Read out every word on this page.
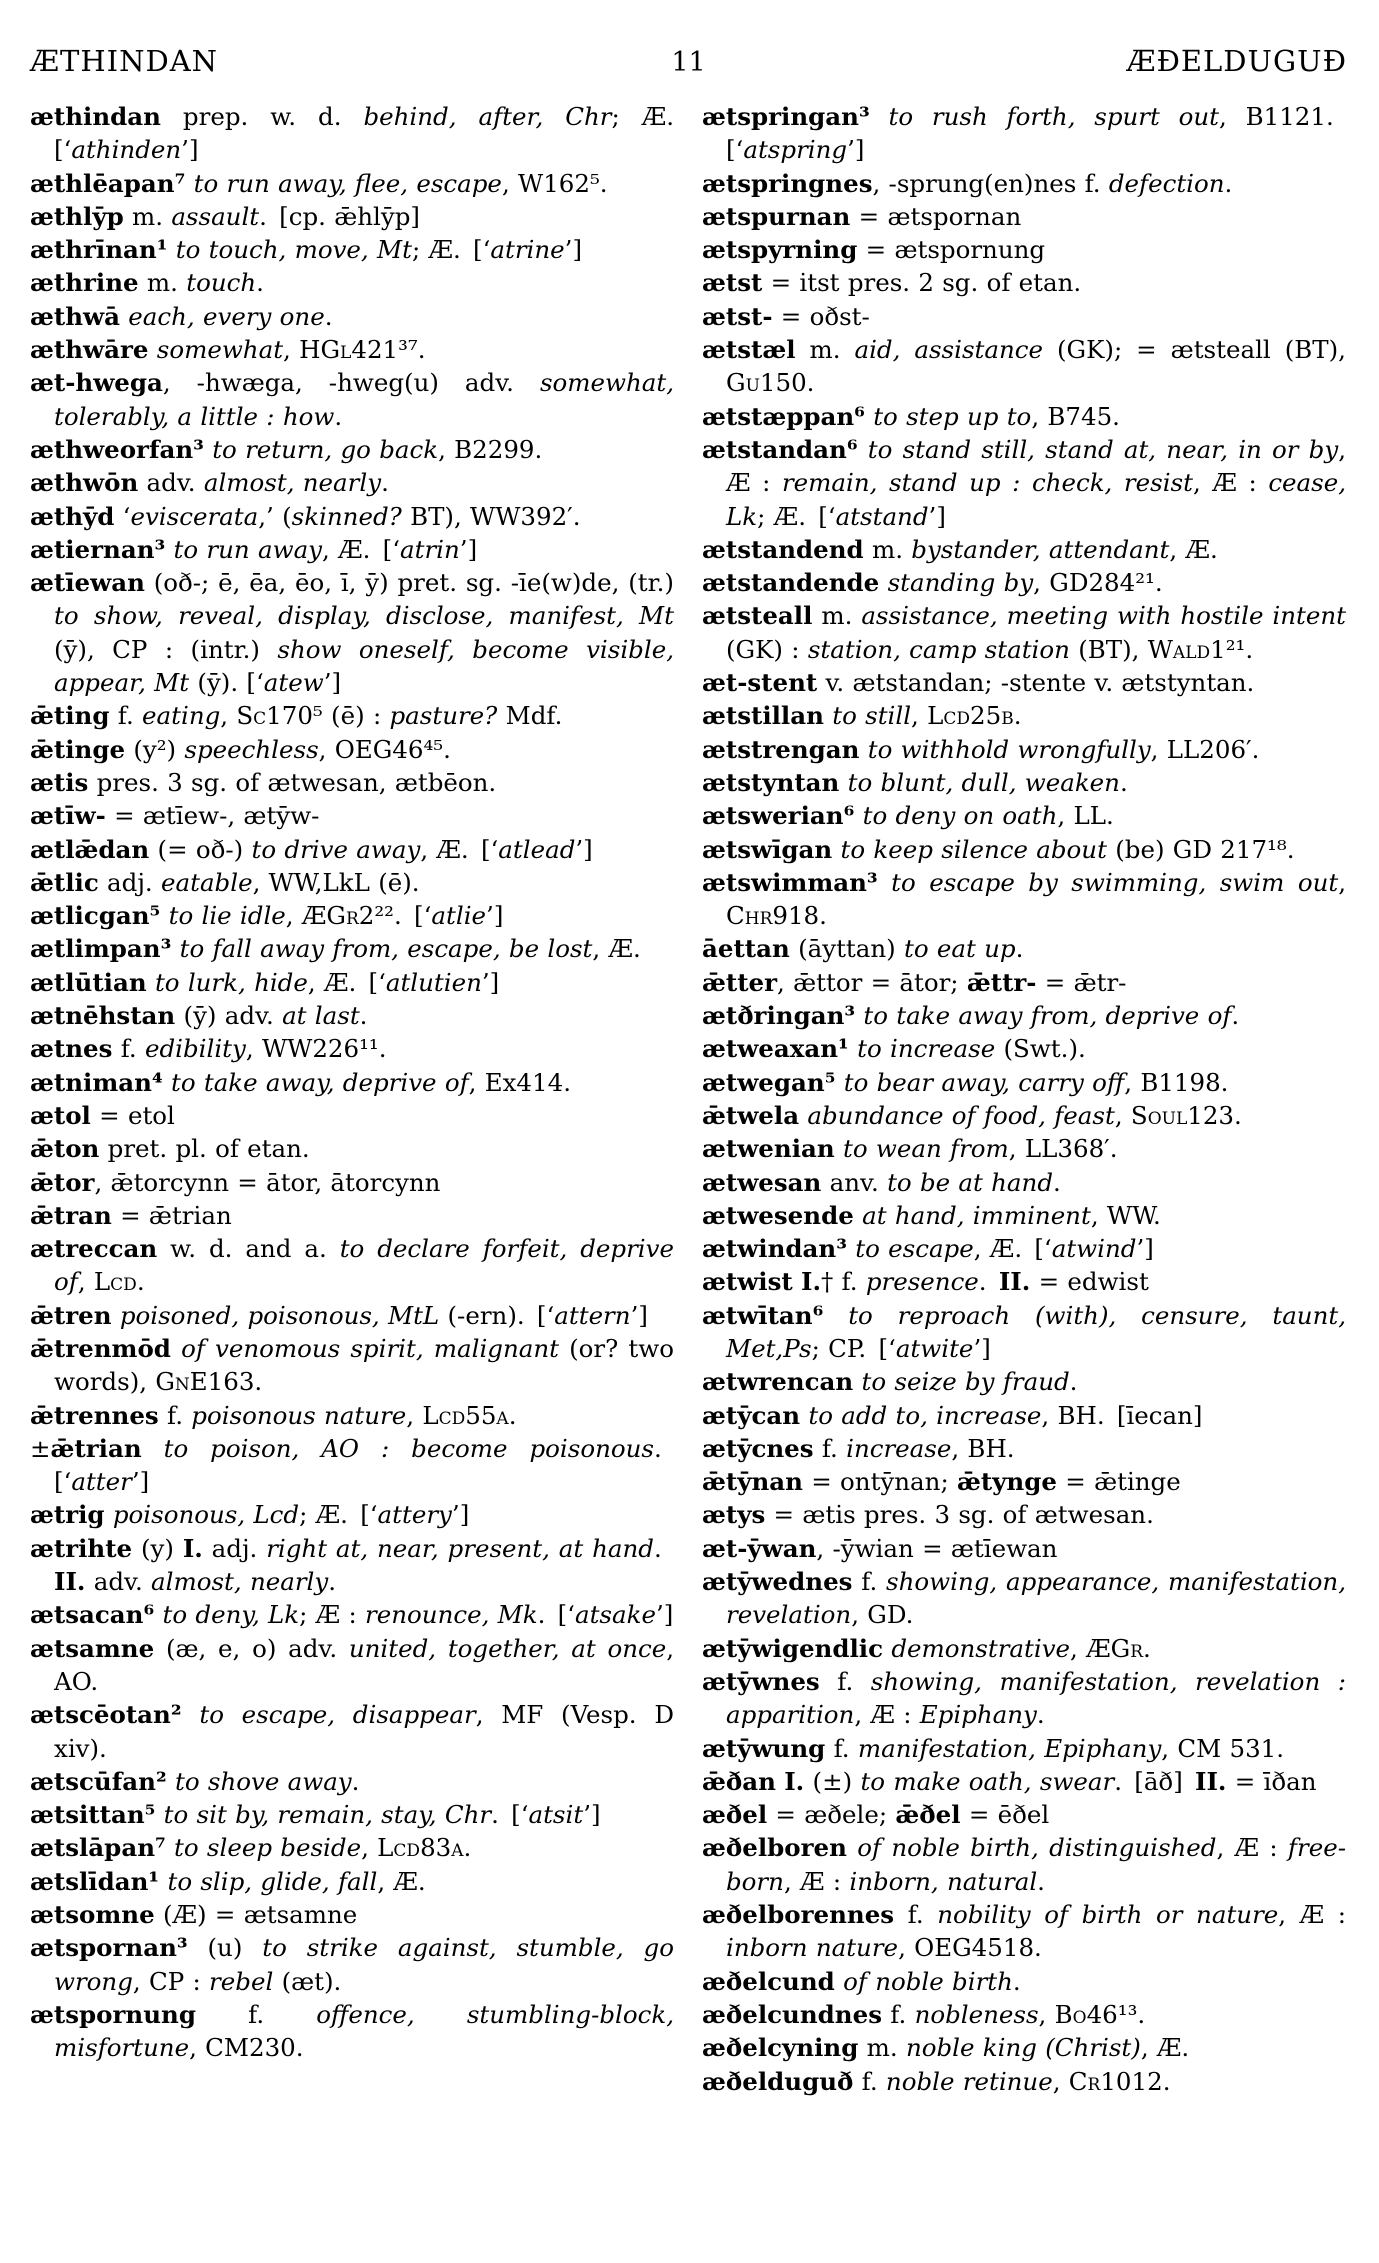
ÆTHINDAN	11	ÆÐELDUGUÐ

æthindan prep. w. d. behind, after, Chr; Æ. [‘athinden’]

æthlēapan⁷ to run away, flee, escape, W162⁵.

æthlȳp m. assault. [cp. ǣhlȳp]

æthrīnan¹ to touch, move, Mt; Æ. [‘atrine’]

æthrine m. touch.

æthwā each, every one.

æthwāre somewhat, HGl421³⁷.

æt-hwega, -hwæga, -hweg(u) adv. somewhat, tolerably, a little : how.

æthweorfan³ to return, go back, B2299.

æthwōn adv. almost, nearly.

æthȳd ‘eviscerata,’ (skinned? BT), WW392′.

ætiernan³ to run away, Æ. [‘atrin’]

ætīewan (oð-; ē, ēa, ēo, ī, ȳ) pret. sg. -īe(w)de, (tr.) to show, reveal, display, disclose, manifest, Mt (ȳ), CP : (intr.) show oneself, become visible, appear, Mt (ȳ). [‘atew’]

ǣting f. eating, Sc170⁵ (ē) : pasture? Mdf.

ǣtinge (y²) speechless, OEG46⁴⁵.

ætis pres. 3 sg. of ætwesan, ætbēon.

ætīw- = ætīew-, ætȳw-

ætlǣdan (= oð-) to drive away, Æ. [‘atlead’]

ǣtlic adj. eatable, WW,LkL (ē).

ætlicgan⁵ to lie idle, ÆGr2²². [‘atlie’]

ætlimpan³ to fall away from, escape, be lost, Æ.

ætlūtian to lurk, hide, Æ. [‘atlutien’]

ætnēhstan (ȳ) adv. at last.

ætnes f. edibility, WW226¹¹.

ætniman⁴ to take away, deprive of, Ex414.

ætol = etol

ǣton pret. pl. of etan.

ǣtor, ǣtorcynn = ātor, ātorcynn

ǣtran = ǣtrian

ætreccan w. d. and a. to declare forfeit, deprive of, Lcd.

ǣtren poisoned, poisonous, MtL (-ern). [‘attern’]

ǣtrenmōd of venomous spirit, malignant (or? two words), GnE163.

ǣtrennes f. poisonous nature, Lcd55a.

±ǣtrian to poison, AO : become poisonous. [‘atter’]

ætrig poisonous, Lcd; Æ. [‘attery’]

ætrihte (y) I. adj. right at, near, present, at hand. II. adv. almost, nearly.

ætsacan⁶ to deny, Lk; Æ : renounce, Mk. [‘atsake’]

ætsamne (æ, e, o) adv. united, together, at once, AO.

ætscēotan² to escape, disappear, MF (Vesp. D xiv).

ætscūfan² to shove away.

ætsittan⁵ to sit by, remain, stay, Chr. [‘atsit’]

ætslāpan⁷ to sleep beside, Lcd83a.

ætslīdan¹ to slip, glide, fall, Æ.

ætsomne (Æ) = ætsamne

ætspornan³ (u) to strike against, stumble, go wrong, CP : rebel (æt).

ætspornung f. offence, stumbling-block, misfortune, CM230.

ætspringan³ to rush forth, spurt out, B1121. [‘atspring’]

ætspringnes, -sprung(en)nes f. defection.

ætspurnan = ætspornan

ætspyrning = ætspornung

ætst = itst pres. 2 sg. of etan.

ætst- = oðst-

ætstæl m. aid, assistance (GK); = ætsteall (BT), Gu150.

ætstæppan⁶ to step up to, B745.

ætstandan⁶ to stand still, stand at, near, in or by, Æ : remain, stand up : check, resist, Æ : cease, Lk; Æ. [‘atstand’]

ætstandend m. bystander, attendant, Æ.

ætstandende standing by, GD284²¹.

ætsteall m. assistance, meeting with hostile intent (GK) : station, camp station (BT), Wald1²¹.

æt-stent v. ætstandan; -stente v. ætstyntan.

ætstillan to still, Lcd25b.

ætstrengan to withhold wrongfully, LL206′.

ætstyntan to blunt, dull, weaken.

ætswerian⁶ to deny on oath, LL.

ætswīgan to keep silence about (be) GD 217¹⁸.

ætswimman³ to escape by swimming, swim out, Chr918.

āettan (āyttan) to eat up.

ǣtter, ǣttor = ātor; ǣttr- = ǣtr-

ætðringan³ to take away from, deprive of.

ætweaxan¹ to increase (Swt.).

ætwegan⁵ to bear away, carry off, B1198.

ǣtwela abundance of food, feast, Soul123.

ætwenian to wean from, LL368′.

ætwesan anv. to be at hand.

ætwesende at hand, imminent, WW.

ætwindan³ to escape, Æ. [‘atwind’]

ætwist I.† f. presence. II. = edwist

ætwītan⁶ to reproach (with), censure, taunt, Met,Ps; CP. [‘atwite’]

ætwrencan to seize by fraud.

ætȳcan to add to, increase, BH. [īecan]

ætȳcnes f. increase, BH.

ǣtȳnan = ontȳnan; ǣtynge = ǣtinge

ætys = ætis pres. 3 sg. of ætwesan.

æt-ȳwan, -ȳwian = ætīewan

ætȳwednes f. showing, appearance, manifestation, revelation, GD.

ætȳwigendlic demonstrative, ÆGr.

ætȳwnes f. showing, manifestation, revelation : apparition, Æ : Epiphany.

ætȳwung f. manifestation, Epiphany, CM 531.

ǣðan I. (±) to make oath, swear. [āð] II. = īðan

æðel = æðele; ǣðel = ēðel

æðelboren of noble birth, distinguished, Æ : free-born, Æ : inborn, natural.

æðelborennes f. nobility of birth or nature, Æ : inborn nature, OEG4518.

æðelcund of noble birth.

æðelcundnes f. nobleness, Bo46¹³.

æðelcyning m. noble king (Christ), Æ.

æðelduguð f. noble retinue, Cr1012.
